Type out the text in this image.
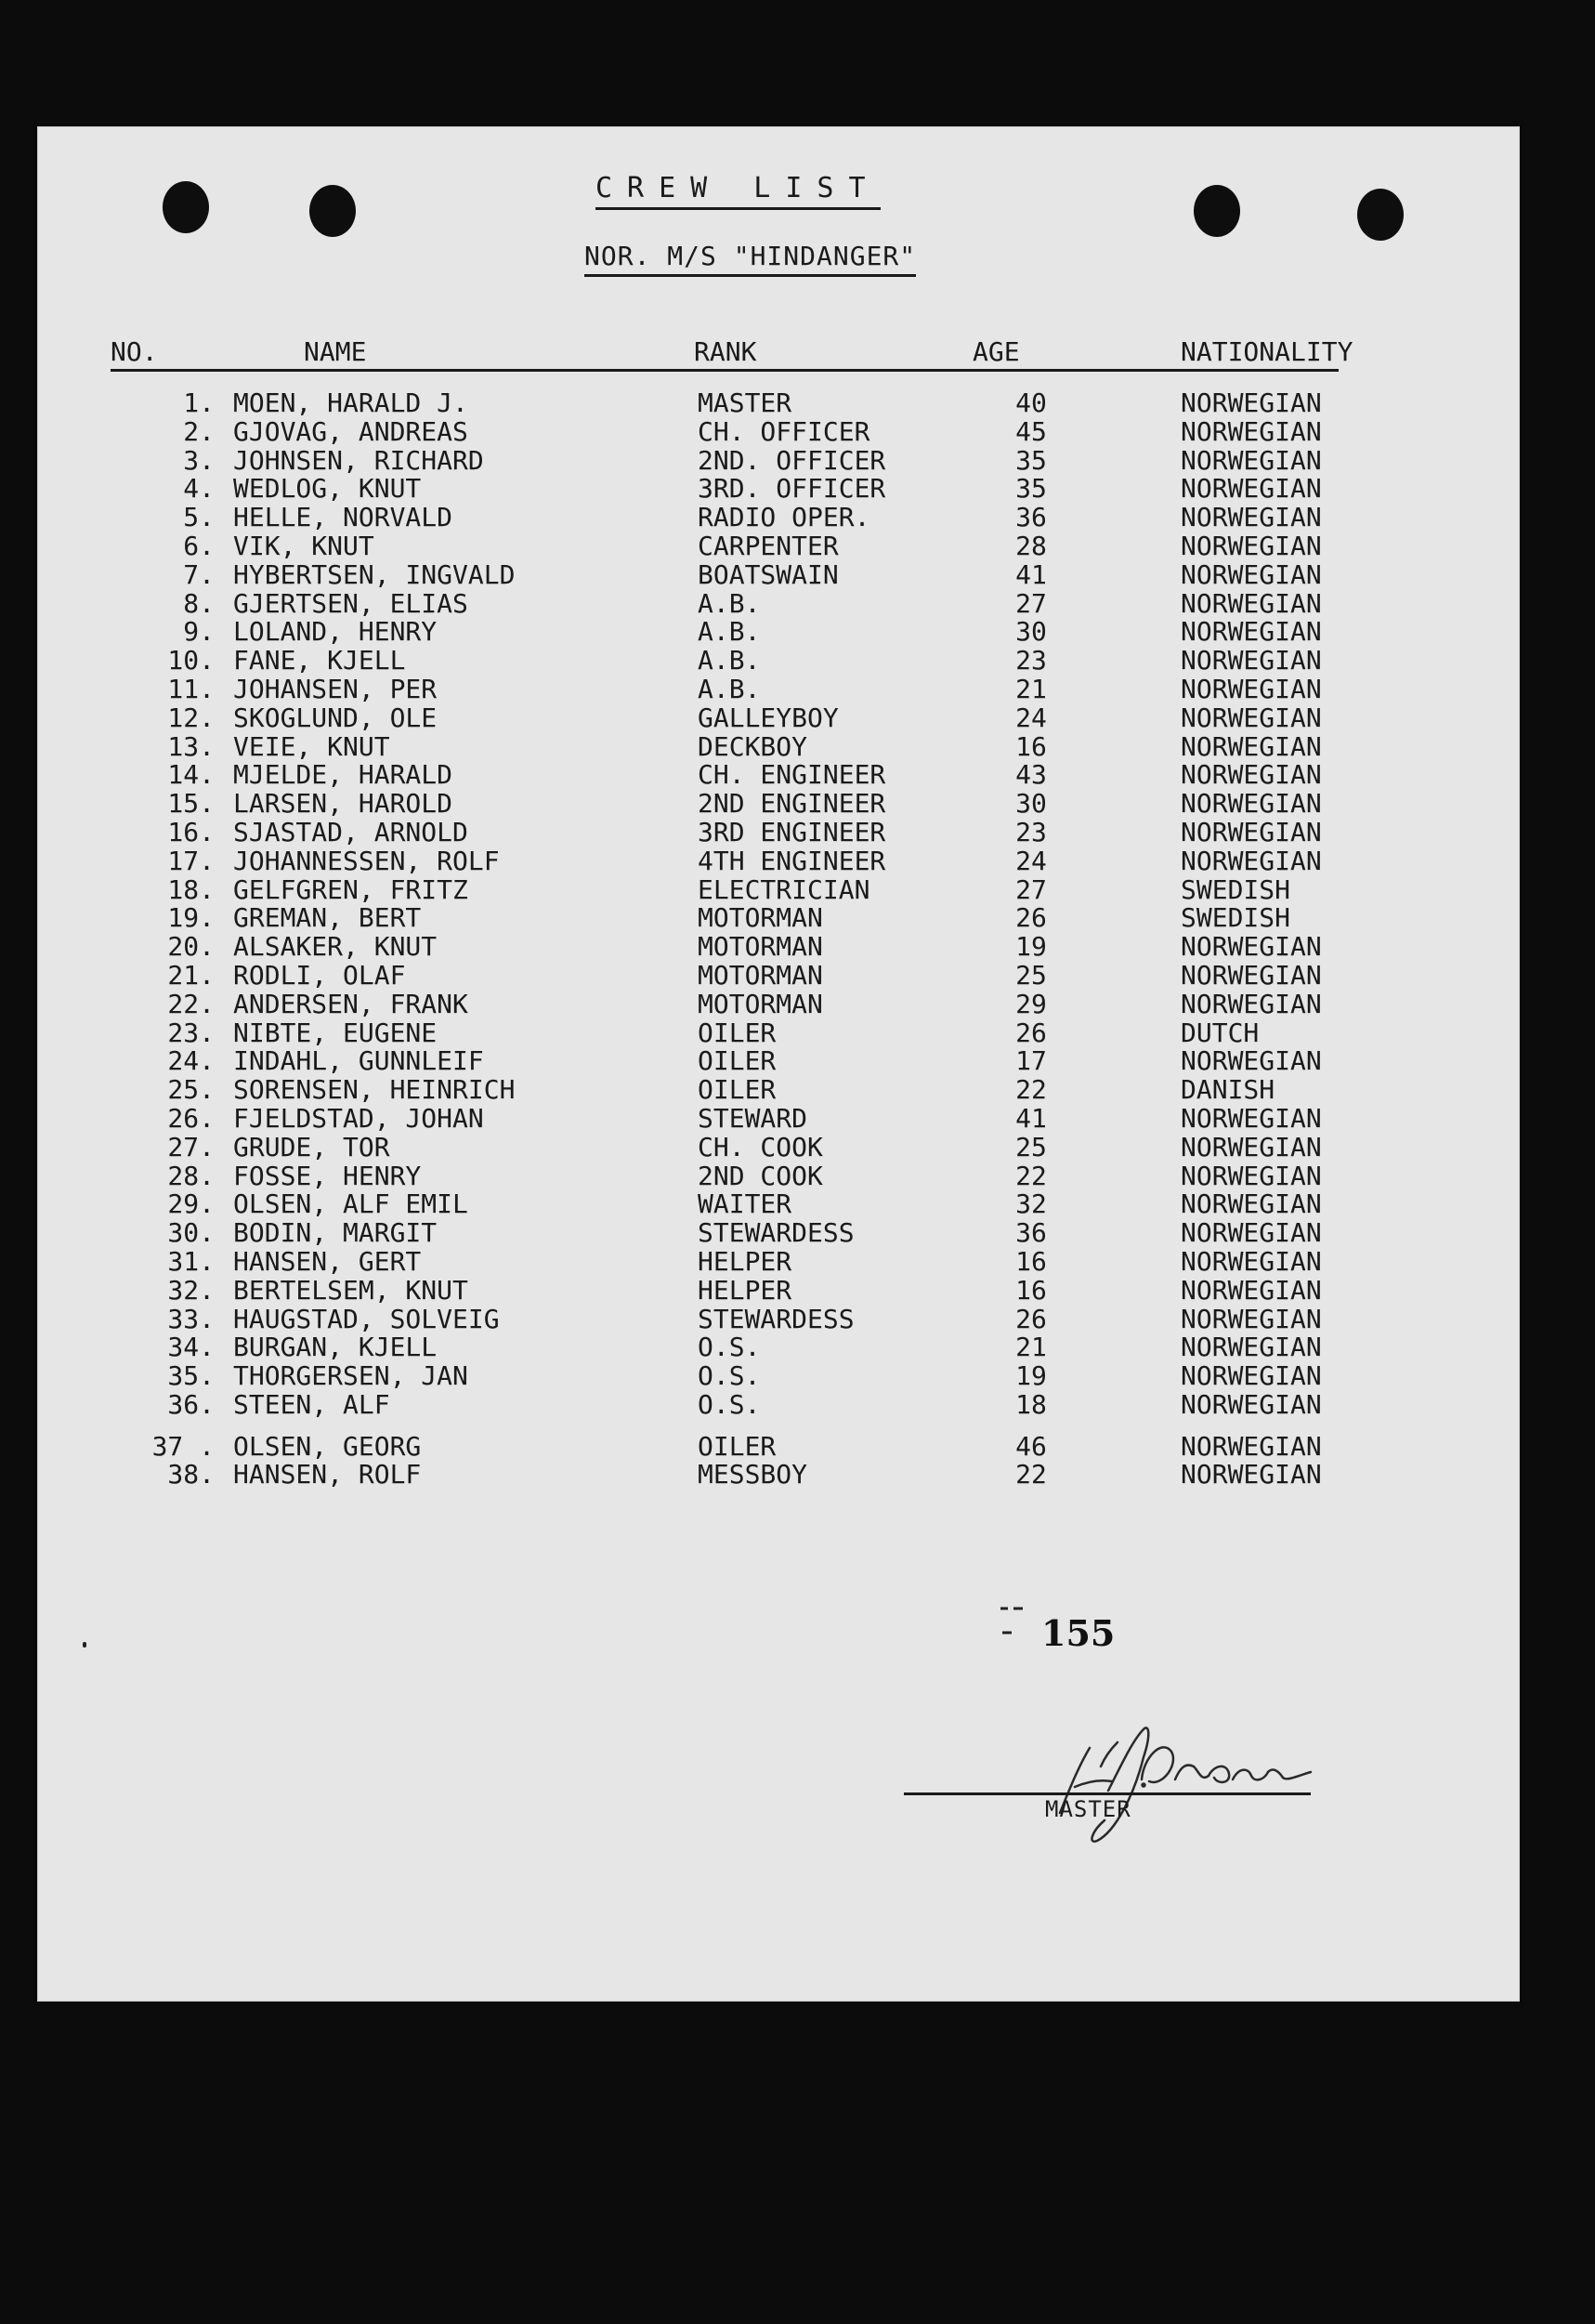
CREW LIST
NOR. M/S "HINDANGER"
NO.	NAME	RANK	AGE	NATIONALITY
1. MOEN, HARALD J.	MASTER	40	NORWEGIAN
2. GJOVAG, ANDREAS	CH. OFFICER	45	NORWEGIAN
3. JOHNSEN, RICHARD	2ND. OFFICER	35	NORWEGIAN
4. WEDLOG, KNUT	3RD. OFFICER	35	NORWEGIAN
5. HELLE, NORVALD	RADIO OPER.	36	NORWEGIAN
6. VIK, KNUT	CARPENTER	28	NORWEGIAN
7. HYBERTSEN, INGVALD	BOATSWAIN	41	NORWEGIAN
8. GJERTSEN, ELIAS	A.B.	27	NORWEGIAN
9. LOLAND, HENRY	A.B.	30	NORWEGIAN
10. FANE, KJELL	A.B.	23	NORWEGIAN
11. JOHANSEN, PER	A.B.	21	NORWEGIAN
12. SKOGLUND, OLE	GALLEYBOY	24	NORWEGIAN
13. VEIE, KNUT	DECKBOY	16	NORWEGIAN
14. MJELDE, HARALD	CH. ENGINEER	43	NORWEGIAN
15. LARSEN, HAROLD	2ND ENGINEER	30	NORWEGIAN
16. SJASTAD, ARNOLD	3RD ENGINEER	23	NORWEGIAN
17. JOHANNESSEN, ROLF	4TH ENGINEER	24	NORWEGIAN
18. GELFGREN, FRITZ	ELECTRICIAN	27	SWEDISH
19. GREMAN, BERT	MOTORMAN	26	SWEDISH
20. ALSAKER, KNUT	MOTORMAN	19	NORWEGIAN
21. RODLI, OLAF	MOTORMAN	25	NORWEGIAN
22. ANDERSEN, FRANK	MOTORMAN	29	NORWEGIAN
23. NIBTE, EUGENE	OILER	26	DUTCH
24. INDAHL, GUNNLEIF	OILER	17	NORWEGIAN
25. SORENSEN, HEINRICH	OILER	22	DANISH
26. FJELDSTAD, JOHAN	STEWARD	41	NORWEGIAN
27. GRUDE, TOR	CH. COOK	25	NORWEGIAN
28. FOSSE, HENRY	2ND COOK	22	NORWEGIAN
29. OLSEN, ALF EMIL	WAITER	32	NORWEGIAN
30. BODIN, MARGIT	STEWARDESS	36	NORWEGIAN
31. HANSEN, GERT	HELPER	16	NORWEGIAN
32. BERTELSEM, KNUT	HELPER	16	NORWEGIAN
33. HAUGSTAD, SOLVEIG	STEWARDESS	26	NORWEGIAN
34. BURGAN, KJELL	O.S.	21	NORWEGIAN
35. THORGERSEN, JAN	O.S.	19	NORWEGIAN
36. STEEN, ALF	O.S.	18	NORWEGIAN
37 . OLSEN, GEORG	OILER	46	NORWEGIAN
38. HANSEN, ROLF	MESSBOY	22	NORWEGIAN
155
MASTER
